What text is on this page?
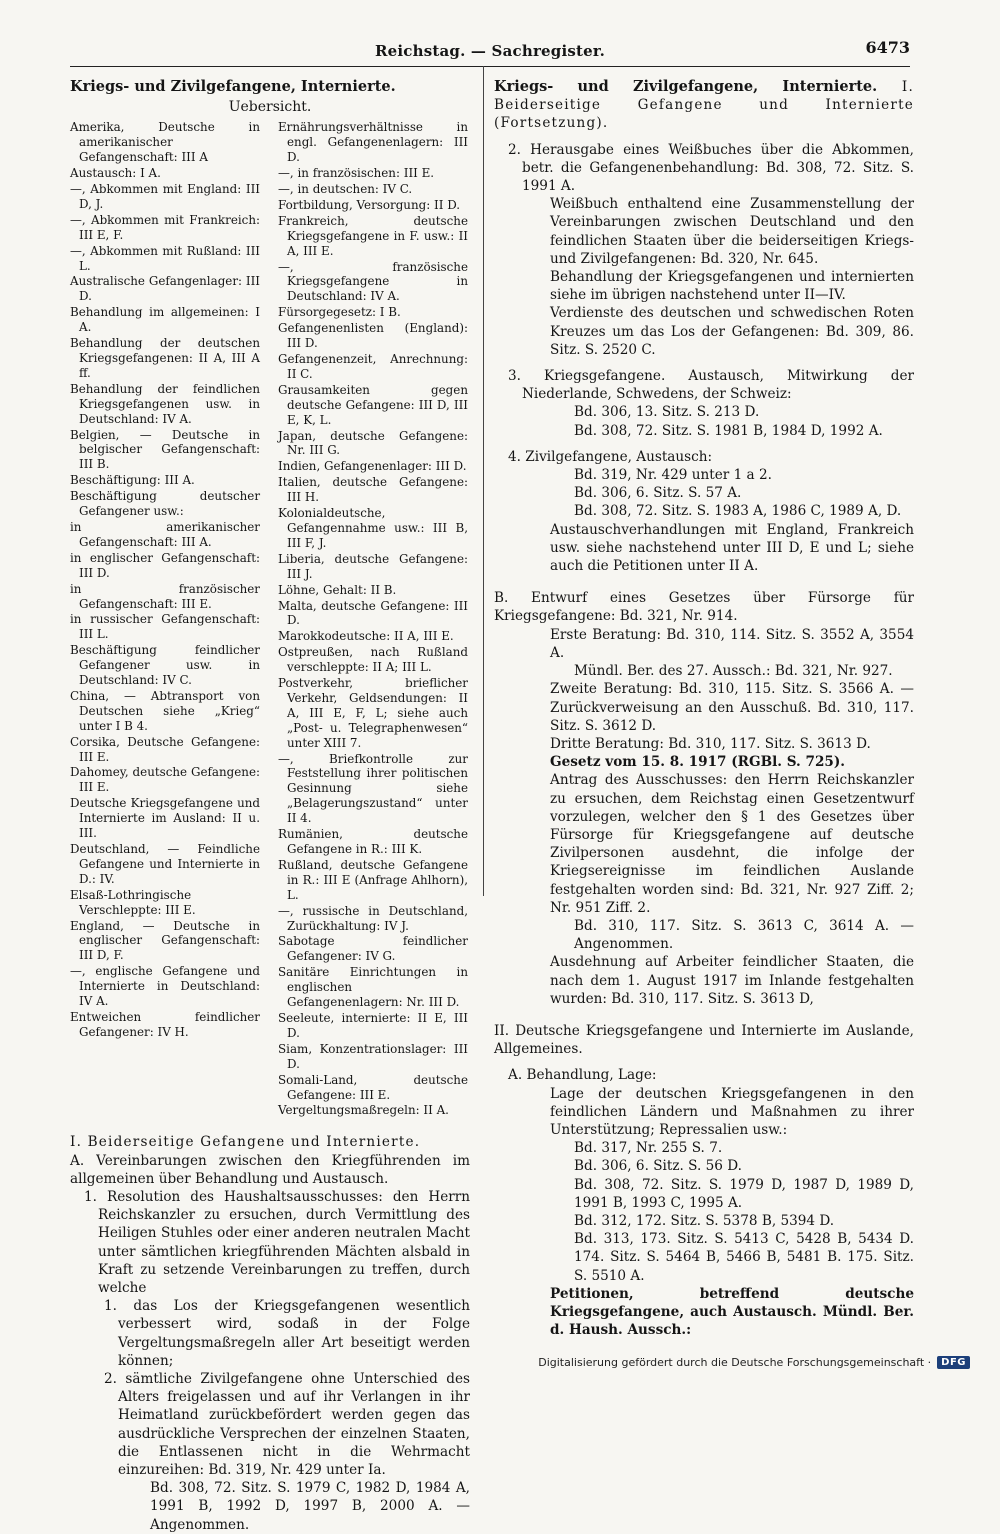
Reichstag. — Sachregister.	6473
Kriegs- und Zivilgefangene, Internierte.
Uebersicht.
Amerika, Deutsche in amerikanischer Gefangenschaft: III A
Austausch: I A.
—, Abkommen mit England: III D, J.
—, Abkommen mit Frankreich: III E, F.
—, Abkommen mit Rußland: III L.
Australische Gefangenlager: III D.
Behandlung im allgemeinen: I A.
Behandlung der deutschen Kriegsgefangenen: II A, III A ff.
Behandlung der feindlichen Kriegsgefangenen usw. in Deutschland: IV A.
Belgien, — Deutsche in belgischer Gefangenschaft: III B.
Beschäftigung: III A.
Beschäftigung deutscher Gefangener usw.:
in amerikanischer Gefangenschaft: III A.
in englischer Gefangenschaft: III D.
in französischer Gefangenschaft: III E.
in russischer Gefangenschaft: III L.
Beschäftigung feindlicher Gefangener usw. in Deutschland: IV C.
China, — Abtransport von Deutschen siehe „Krieg“ unter I B 4.
Corsika, Deutsche Gefangene: III E.
Dahomey, deutsche Gefangene: III E.
Deutsche Kriegsgefangene und Internierte im Ausland: II u. III.
Deutschland, — Feindliche Gefangene und Internierte in D.: IV.
Elsaß-Lothringische Verschleppte: III E.
England, — Deutsche in englischer Gefangenschaft: III D, F.
—, englische Gefangene und Internierte in Deutschland: IV A.
Entweichen feindlicher Gefangener: IV H.
Ernährungsverhältnisse in engl. Gefangenenlagern: III D.
—, in französischen: III E.
—, in deutschen: IV C.
Fortbildung, Versorgung: II D.
Frankreich, deutsche Kriegsgefangene in F. usw.: II A, III E.
—, französische Kriegsgefangene in Deutschland: IV A.
Fürsorgegesetz: I B.
Gefangenenlisten (England): III D.
Gefangenenzeit, Anrechnung: II C.
Grausamkeiten gegen deutsche Gefangene: III D, III E, K, L.
Japan, deutsche Gefangene: Nr. III G.
Indien, Gefangenenlager: III D.
Italien, deutsche Gefangene: III H.
Kolonialdeutsche, Gefangennahme usw.: III B, III F, J.
Liberia, deutsche Gefangene: III J.
Löhne, Gehalt: II B.
Malta, deutsche Gefangene: III D.
Marokkodeutsche: II A, III E.
Ostpreußen, nach Rußland verschleppte: II A; III L.
Postverkehr, brieflicher Verkehr, Geldsendungen: II A, III E, F, L; siehe auch „Post- u. Telegraphenwesen“ unter XIII 7.
—, Briefkontrolle zur Feststellung ihrer politischen Gesinnung siehe „Belagerungszustand“ unter II 4.
Rumänien, deutsche Gefangene in R.: III K.
Rußland, deutsche Gefangene in R.: III E (Anfrage Ahlhorn), L.
—, russische in Deutschland, Zurückhaltung: IV J.
Sabotage feindlicher Gefangener: IV G.
Sanitäre Einrichtungen in englischen Gefangenenlagern: Nr. III D.
Seeleute, internierte: II E, III D.
Siam, Konzentrationslager: III D.
Somali-Land, deutsche Gefangene: III E.
Vergeltungsmaßregeln: II A.
I. Beiderseitige Gefangene und Internierte.
A. Vereinbarungen zwischen den Kriegführenden im allgemeinen über Behandlung und Austausch.
1. Resolution des Haushaltsausschusses: den Herrn Reichskanzler zu ersuchen, durch Vermittlung des Heiligen Stuhles oder einer anderen neutralen Macht unter sämtlichen kriegführenden Mächten alsbald in Kraft zu setzende Vereinbarungen zu treffen, durch welche
1. das Los der Kriegsgefangenen wesentlich verbessert wird, sodaß in der Folge Vergeltungsmaßregeln aller Art beseitigt werden können;
2. sämtliche Zivilgefangene ohne Unterschied des Alters freigelassen und auf ihr Verlangen in ihr Heimatland zurückbefördert werden gegen das ausdrückliche Versprechen der einzelnen Staaten, die Entlassenen nicht in die Wehrmacht einzureihen: Bd. 319, Nr. 429 unter Ia.
Bd. 308, 72. Sitz. S. 1979 C, 1982 D, 1984 A, 1991 B, 1992 D, 1997 B, 2000 A. — Angenommen.
Kriegs- und Zivilgefangene, Internierte. I. Beiderseitige Gefangene und Internierte (Fortsetzung).
2. Herausgabe eines Weißbuches über die Abkommen, betr. die Gefangenenbehandlung: Bd. 308, 72. Sitz. S. 1991 A.
Weißbuch enthaltend eine Zusammenstellung der Vereinbarungen zwischen Deutschland und den feindlichen Staaten über die beiderseitigen Kriegs- und Zivilgefangenen: Bd. 320, Nr. 645.
Behandlung der Kriegsgefangenen und internierten siehe im übrigen nachstehend unter II—IV.
Verdienste des deutschen und schwedischen Roten Kreuzes um das Los der Gefangenen: Bd. 309, 86. Sitz. S. 2520 C.
3. Kriegsgefangene. Austausch, Mitwirkung der Niederlande, Schwedens, der Schweiz:
Bd. 306, 13. Sitz. S. 213 D.
Bd. 308, 72. Sitz. S. 1981 B, 1984 D, 1992 A.
4. Zivilgefangene, Austausch:
Bd. 319, Nr. 429 unter 1 a 2.
Bd. 306, 6. Sitz. S. 57 A.
Bd. 308, 72. Sitz. S. 1983 A, 1986 C, 1989 A, D.
Austauschverhandlungen mit England, Frankreich usw. siehe nachstehend unter III D, E und L; siehe auch die Petitionen unter II A.
B. Entwurf eines Gesetzes über Fürsorge für Kriegsgefangene: Bd. 321, Nr. 914.
Erste Beratung: Bd. 310, 114. Sitz. S. 3552 A, 3554 A.
Mündl. Ber. des 27. Aussch.: Bd. 321, Nr. 927.
Zweite Beratung: Bd. 310, 115. Sitz. S. 3566 A. — Zurückverweisung an den Ausschuß. Bd. 310, 117. Sitz. S. 3612 D.
Dritte Beratung: Bd. 310, 117. Sitz. S. 3613 D.
Gesetz vom 15. 8. 1917 (RGBl. S. 725).
Antrag des Ausschusses: den Herrn Reichskanzler zu ersuchen, dem Reichstag einen Gesetzentwurf vorzulegen, welcher den § 1 des Gesetzes über Fürsorge für Kriegsgefangene auf deutsche Zivilpersonen ausdehnt, die infolge der Kriegsereignisse im feindlichen Auslande festgehalten worden sind: Bd. 321, Nr. 927 Ziff. 2; Nr. 951 Ziff. 2.
Bd. 310, 117. Sitz. S. 3613 C, 3614 A. — Angenommen.
Ausdehnung auf Arbeiter feindlicher Staaten, die nach dem 1. August 1917 im Inlande festgehalten wurden: Bd. 310, 117. Sitz. S. 3613 D,
II. Deutsche Kriegsgefangene und Internierte im Auslande, Allgemeines.
A. Behandlung, Lage:
Lage der deutschen Kriegsgefangenen in den feindlichen Ländern und Maßnahmen zu ihrer Unterstützung; Repressalien usw.:
Bd. 317, Nr. 255 S. 7.
Bd. 306, 6. Sitz. S. 56 D.
Bd. 308, 72. Sitz. S. 1979 D, 1987 D, 1989 D, 1991 B, 1993 C, 1995 A.
Bd. 312, 172. Sitz. S. 5378 B, 5394 D.
Bd. 313, 173. Sitz. S. 5413 C, 5428 B, 5434 D. 174. Sitz. S. 5464 B, 5466 B, 5481 B. 175. Sitz. S. 5510 A.
Petitionen, betreffend deutsche Kriegsgefangene, auch Austausch. Mündl. Ber. d. Haush. Aussch.:
Digitalisierung gefördert durch die Deutsche Forschungsgemeinschaft ·	DFG
